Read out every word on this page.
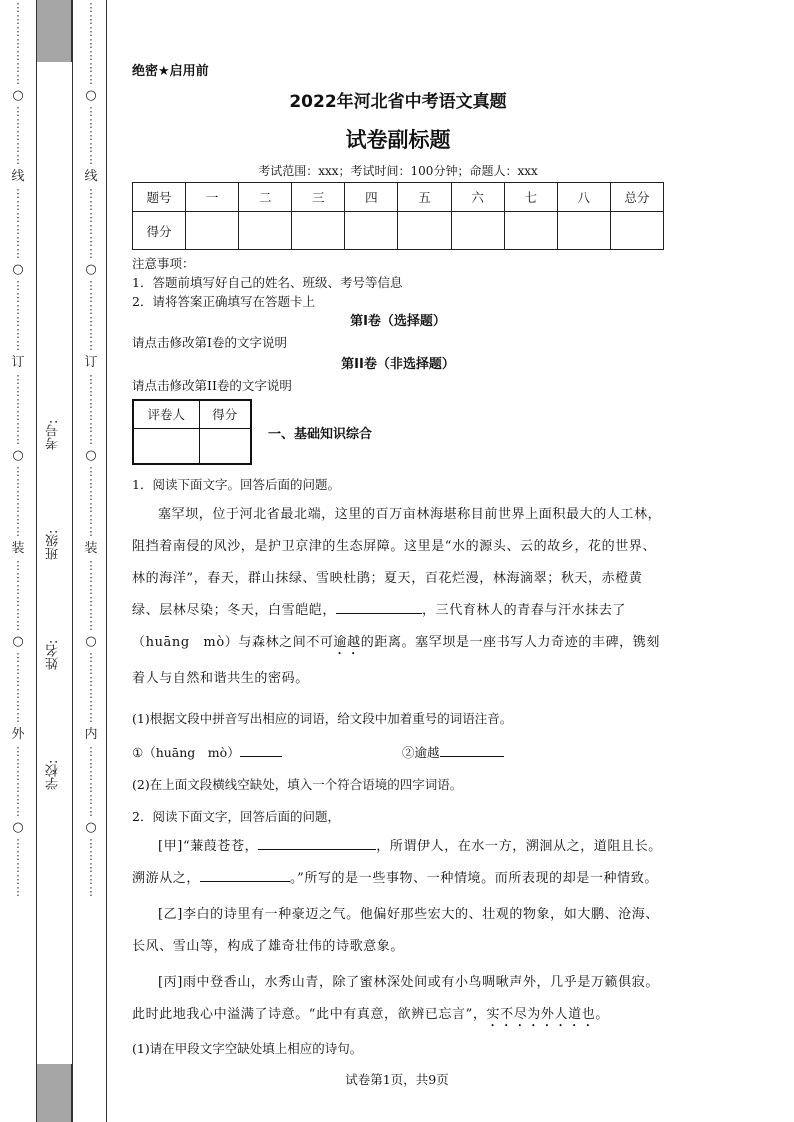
⋮
⋮
⋮
⋮
⋮
⋮
⋮
○
⋮
⋮
⋮
⋮
⋮
线
⋮
⋮
⋮
⋮
⋮
⋮
○
⋮
⋮
⋮
⋮
⋮
⋮
订
⋮
⋮
⋮
⋮
⋮
⋮
○
⋮
⋮
⋮
⋮
⋮
⋮
装
⋮
⋮
⋮
⋮
⋮
⋮
○
⋮
⋮
⋮
⋮
⋮
⋮
外
⋮
⋮
⋮
⋮
⋮
⋮
○
⋮
⋮
⋮
⋮
⋮
⋮
⋮
⋮
⋮
⋮
⋮
⋮
○
⋮
⋮
⋮
⋮
⋮
线
⋮
⋮
⋮
⋮
⋮
⋮
○
⋮
⋮
⋮
⋮
⋮
⋮
订
⋮
⋮
⋮
⋮
⋮
⋮
○
⋮
⋮
⋮
⋮
⋮
⋮
装
⋮
⋮
⋮
⋮
⋮
⋮
○
⋮
⋮
⋮
⋮
⋮
⋮
内
⋮
⋮
⋮
⋮
⋮
⋮
○
⋮
⋮
⋮
⋮
⋮
考号:
班级:
姓名:
学校:
绝密★启用前
2022年河北省中考语文真题
试卷副标题
考试范围：xxx；考试时间：100分钟；命题人：xxx
题号	一	二	三	四	五	六	七	八	总分
得分									
注意事项：
1．答题前填写好自己的姓名、班级、考号等信息
2．请将答案正确填写在答题卡上
第I卷（选择题）
请点击修改第I卷的文字说明
第II卷（非选择题）
请点击修改第II卷的文字说明
评卷人	得分

一、基础知识综合
1．阅读下面文字。回答后面的问题。
塞罕坝，位于河北省最北端，这里的百万亩林海堪称目前世界上面积最大的人工林，阻挡着南侵的风沙，是护卫京津的生态屏障。这里是“水的源头、云的故乡，花的世界、林的海洋”，春天，群山抹绿、雪映杜鹃；夏天，百花烂漫，林海滴翠；秋天，赤橙黄绿、层林尽染；冬天，白雪皑皑，	，三代育林人的青春与汗水抹去了
（huāng　mò）与森林之间不可逾越的距离。塞罕坝是一座书写人力奇迹的丰碑，镌刻
着人与自然和谐共生的密码。
(1)根据文段中拼音写出相应的词语，给文段中加着重号的词语注音。
①（huāng　mò）	②逾越
(2)在上面文段横线空缺处，填入一个符合语境的四字词语。
2．阅读下面文字，回答后面的问题，
[甲]“蒹葭苍苍，	，所谓伊人，在水一方，溯洄从之，道阻且长。溯游从之，	。”所写的是一些事物、一种情境。而所表现的却是一种情致。
[乙]李白的诗里有一种豪迈之气。他偏好那些宏大的、壮观的物象，如大鹏、沧海、长风、雪山等，构成了雄奇壮伟的诗歌意象。
[丙]雨中登香山，水秀山青，除了蜜林深处间或有小鸟啁啾声外，几乎是万籁俱寂。此时此地我心中溢满了诗意。“此中有真意，欲辨已忘言”，实不尽为外人道也。
(1)请在甲段文字空缺处填上相应的诗句。
试卷第1页，共9页
